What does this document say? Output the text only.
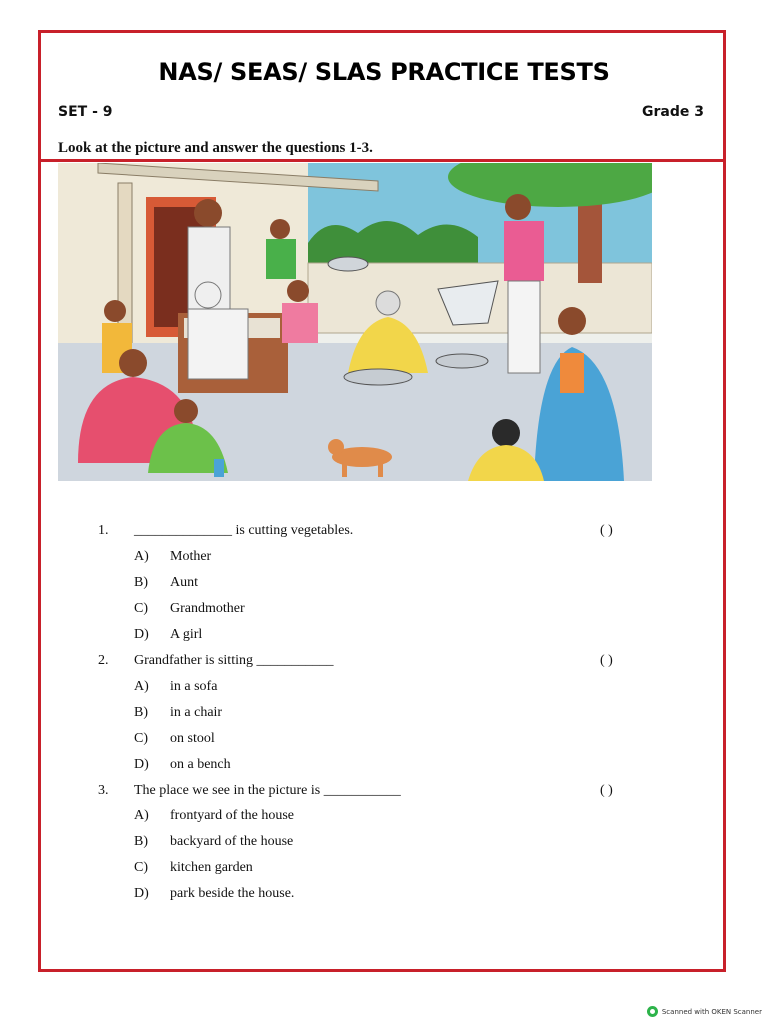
NAS/ SEAS/ SLAS PRACTICE TESTS
SET - 9	Grade 3
Look at the picture and answer the questions 1-3.
1. ______________ is cutting vegetables.	( )
A) Mother
B) Aunt
C) Grandmother
D) A girl
2. Grandfather is sitting ___________	( )
A) in a sofa
B) in a chair
C) on stool
D) on a bench
3. The place we see in the picture is ___________	( )
A) frontyard of the house
B) backyard of the house
C) kitchen garden
D) park beside the house.
Scanned with OKEN Scanner
